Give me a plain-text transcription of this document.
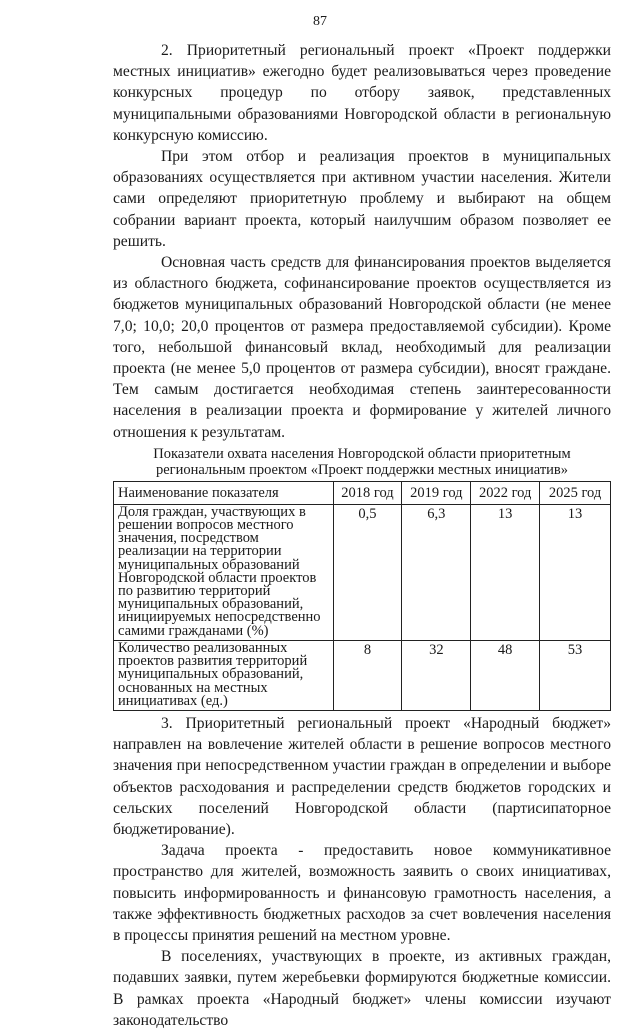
87

2. Приоритетный региональный проект «Проект поддержки местных инициатив» ежегодно будет реализовываться через проведение конкурсных процедур по отбору заявок, представленных муниципальными образованиями Новгородской области в региональную конкурсную комиссию.

При этом отбор и реализация проектов в муниципальных образованиях осуществляется при активном участии населения. Жители сами определяют приоритетную проблему и выбирают на общем собрании вариант проекта, который наилучшим образом позволяет ее решить.

Основная часть средств для финансирования проектов выделяется из областного бюджета, софинансирование проектов осуществляется из бюджетов муниципальных образований Новгородской области (не менее 7,0; 10,0; 20,0 процентов от размера предоставляемой субсидии). Кроме того, небольшой финансовый вклад, необходимый для реализации проекта (не менее 5,0 процентов от размера субсидии), вносят граждане. Тем самым достигается необходимая степень заинтересованности населения в реализации проекта и формирование у жителей личного отношения к результатам.

Показатели охвата населения Новгородской области приоритетным
региональным проектом «Проект поддержки местных инициатив»
Наименование показателя	2018 год	2019 год	2022 год	2025 год
Доля граждан, участвующих в решении вопросов местного значения, посредством реализации на территории муниципальных образований Новгородской области проектов по развитию территорий муниципальных образований, инициируемых непосредственно самими гражданами (%)	0,5	6,3	13	13
Количество реализованных проектов развития территорий муниципальных образований, основанных на местных инициативах (ед.)	8	32	48	53

3. Приоритетный региональный проект «Народный бюджет» направлен на вовлечение жителей области в решение вопросов местного значения при непосредственном участии граждан в определении и выборе объектов расходования и распределении средств бюджетов городских и сельских поселений Новгородской области (партисипаторное бюджетирование).

Задача проекта - предоставить новое коммуникативное пространство для жителей, возможность заявить о своих инициативах, повысить информированность и финансовую грамотность населения, а также эффективность бюджетных расходов за счет вовлечения населения в процессы принятия решений на местном уровне.

В поселениях, участвующих в проекте, из активных граждан, подавших заявки, путем жеребьевки формируются бюджетные комиссии. В рамках проекта «Народный бюджет» члены комиссии изучают законодательство
